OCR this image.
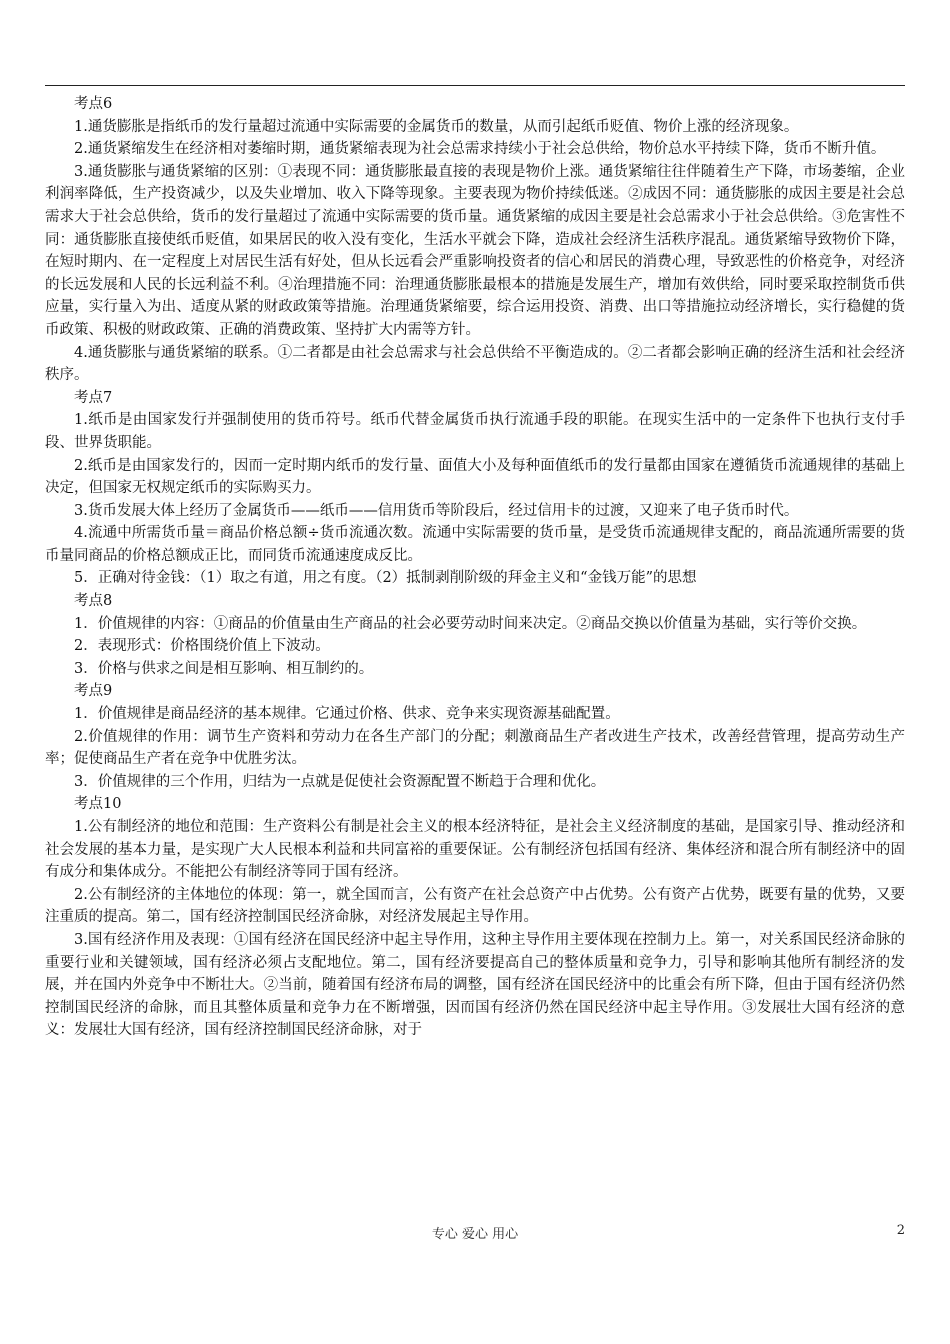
考点6

1.通货膨胀是指纸币的发行量超过流通中实际需要的金属货币的数量，从而引起纸币贬值、物价上涨的经济现象。

2.通货紧缩发生在经济相对萎缩时期，通货紧缩表现为社会总需求持续小于社会总供给，物价总水平持续下降，货币不断升值。

3.通货膨胀与通货紧缩的区别：①表现不同：通货膨胀最直接的表现是物价上涨。通货紧缩往往伴随着生产下降，市场萎缩，企业利润率降低，生产投资减少，以及失业增加、收入下降等现象。主要表现为物价持续低迷。②成因不同：通货膨胀的成因主要是社会总需求大于社会总供给，货币的发行量超过了流通中实际需要的货币量。通货紧缩的成因主要是社会总需求小于社会总供给。③危害性不同：通货膨胀直接使纸币贬值，如果居民的收入没有变化，生活水平就会下降，造成社会经济生活秩序混乱。通货紧缩导致物价下降，在短时期内、在一定程度上对居民生活有好处，但从长远看会严重影响投资者的信心和居民的消费心理，导致恶性的价格竞争，对经济的长远发展和人民的长远利益不利。④治理措施不同：治理通货膨胀最根本的措施是发展生产，增加有效供给，同时要采取控制货币供应量，实行量入为出、适度从紧的财政政策等措施。治理通货紧缩要，综合运用投资、消费、出口等措施拉动经济增长，实行稳健的货币政策、积极的财政政策、正确的消费政策、坚持扩大内需等方针。

4.通货膨胀与通货紧缩的联系。①二者都是由社会总需求与社会总供给不平衡造成的。②二者都会影响正确的经济生活和社会经济秩序。

考点7

1.纸币是由国家发行并强制使用的货币符号。纸币代替金属货币执行流通手段的职能。在现实生活中的一定条件下也执行支付手段、世界货职能。

2.纸币是由国家发行的，因而一定时期内纸币的发行量、面值大小及每种面值纸币的发行量都由国家在遵循货币流通规律的基础上决定，但国家无权规定纸币的实际购买力。

3.货币发展大体上经历了金属货币——纸币——信用货币等阶段后，经过信用卡的过渡，又迎来了电子货币时代。

4.流通中所需货币量＝商品价格总额÷货币流通次数。流通中实际需要的货币量，是受货币流通规律支配的，商品流通所需要的货币量同商品的价格总额成正比，而同货币流通速度成反比。

5．正确对待金钱：（1）取之有道，用之有度。（2）抵制剥削阶级的拜金主义和“金钱万能”的思想

考点8

1．价值规律的内容：①商品的价值量由生产商品的社会必要劳动时间来决定。②商品交换以价值量为基础，实行等价交换。

2．表现形式：价格围绕价值上下波动。

3．价格与供求之间是相互影响、相互制约的。

考点9

1．价值规律是商品经济的基本规律。它通过价格、供求、竞争来实现资源基础配置。

2.价值规律的作用：调节生产资料和劳动力在各生产部门的分配；刺激商品生产者改进生产技术，改善经营管理，提高劳动生产率；促使商品生产者在竞争中优胜劣汰。

3．价值规律的三个作用，归结为一点就是促使社会资源配置不断趋于合理和优化。

考点10

1.公有制经济的地位和范围：生产资料公有制是社会主义的根本经济特征，是社会主义经济制度的基础，是国家引导、推动经济和社会发展的基本力量，是实现广大人民根本利益和共同富裕的重要保证。公有制经济包括国有经济、集体经济和混合所有制经济中的固有成分和集体成分。不能把公有制经济等同于国有经济。

2.公有制经济的主体地位的体现：第一，就全国而言，公有资产在社会总资产中占优势。公有资产占优势，既要有量的优势，又要注重质的提高。第二，国有经济控制国民经济命脉，对经济发展起主导作用。

3.国有经济作用及表现：①国有经济在国民经济中起主导作用，这种主导作用主要体现在控制力上。第一，对关系国民经济命脉的重要行业和关键领域，国有经济必须占支配地位。第二，国有经济要提高自己的整体质量和竞争力，引导和影响其他所有制经济的发展，并在国内外竞争中不断壮大。②当前，随着国有经济布局的调整，国有经济在国民经济中的比重会有所下降，但由于国有经济仍然控制国民经济的命脉，而且其整体质量和竞争力在不断增强，因而国有经济仍然在国民经济中起主导作用。③发展壮大国有经济的意义：发展壮大国有经济，国有经济控制国民经济命脉，对于

专心 爱心 用心	2
